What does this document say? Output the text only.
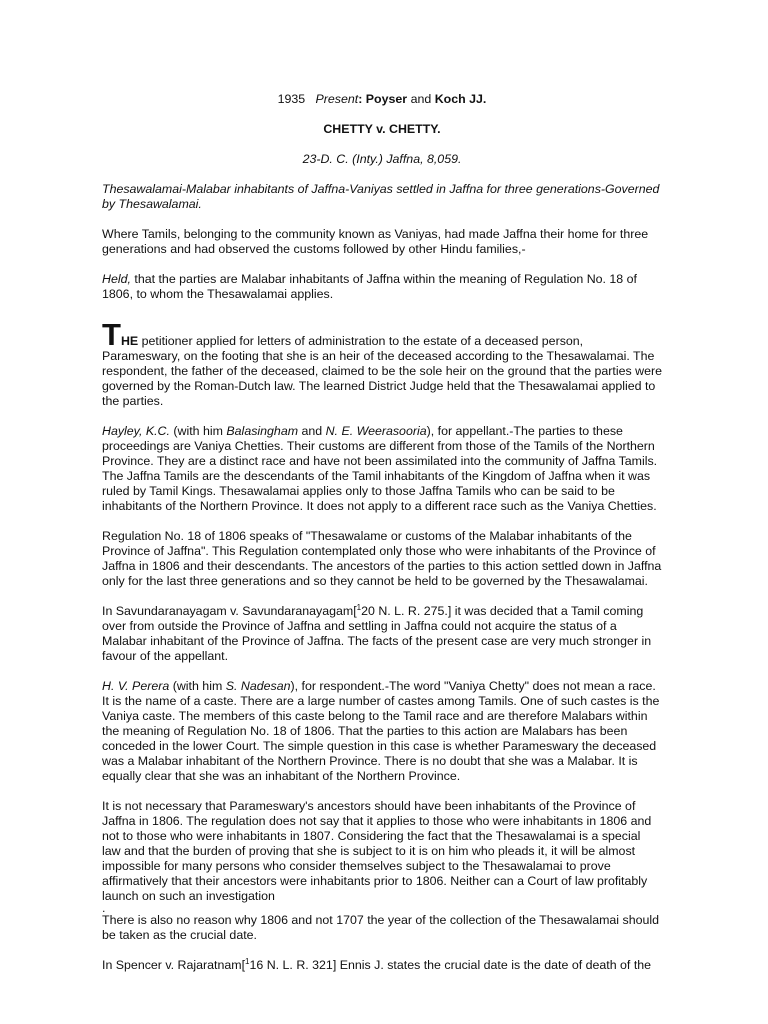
1935 Present: Poyser and Koch JJ.
CHETTY v. CHETTY.
23-D. C. (Inty.) Jaffna, 8,059.

Thesawalamai-Malabar inhabitants of Jaffna-Vaniyas settled in Jaffna for three generations-Governed by Thesawalamai.

Where Tamils, belonging to the community known as Vaniyas, had made Jaffna their home for three generations and had observed the customs followed by other Hindu families,-

Held, that the parties are Malabar inhabitants of Jaffna within the meaning of Regulation No. 18 of 1806, to whom the Thesawalamai applies.

THE petitioner applied for letters of administration to the estate of a deceased person, Parameswary, on the footing that she is an heir of the deceased according to the Thesawalamai. The respondent, the father of the deceased, claimed to be the sole heir on the ground that the parties were governed by the Roman-Dutch law. The learned District Judge held that the Thesawalamai applied to the parties.

Hayley, K.C. (with him Balasingham and N. E. Weerasooria), for appellant.-The parties to these proceedings are Vaniya Chetties. Their customs are different from those of the Tamils of the Northern Province. They are a distinct race and have not been assimilated into the community of Jaffna Tamils. The Jaffna Tamils are the descendants of the Tamil inhabitants of the Kingdom of Jaffna when it was ruled by Tamil Kings. Thesawalamai applies only to those Jaffna Tamils who can be said to be inhabitants of the Northern Province. It does not apply to a different race such as the Vaniya Chetties.

Regulation No. 18 of 1806 speaks of "Thesawalame or customs of the Malabar inhabitants of the Province of Jaffna". This Regulation contemplated only those who were inhabitants of the Province of Jaffna in 1806 and their descendants. The ancestors of the parties to this action settled down in Jaffna only for the last three generations and so they cannot be held to be governed by the Thesawalamai.

In Savundaranayagam v. Savundaranayagam[$^1$20 N. L. R. 275.] it was decided that a Tamil coming over from outside the Province of Jaffna and settling in Jaffna could not acquire the status of a Malabar inhabitant of the Province of Jaffna. The facts of the present case are very much stronger in favour of the appellant.

H. V. Perera (with him S. Nadesan), for respondent.-The word "Vaniya Chetty" does not mean a race. It is the name of a caste. There are a large number of castes among Tamils. One of such castes is the Vaniya caste. The members of this caste belong to the Tamil race and are therefore Malabars within the meaning of Regulation No. 18 of 1806. That the parties to this action are Malabars has been conceded in the lower Court. The simple question in this case is whether Parameswary the deceased was a Malabar inhabitant of the Northern Province. There is no doubt that she was a Malabar. It is equally clear that she was an inhabitant of the Northern Province.

It is not necessary that Parameswary's ancestors should have been inhabitants of the Province of Jaffna in 1806. The regulation does not say that it applies to those who were inhabitants in 1806 and not to those who were inhabitants in 1807. Considering the fact that the Thesawalamai is a special law and that the burden of proving that she is subject to it is on him who pleads it, it will be almost impossible for many persons who consider themselves subject to the Thesawalamai to prove affirmatively that their ancestors were inhabitants prior to 1806. Neither can a Court of law profitably launch on such an investigation

.

There is also no reason why 1806 and not 1707 the year of the collection of the Thesawalamai should be taken as the crucial date.

In Spencer v. Rajaratnam[$^1$16 N. L. R. 321] Ennis J. states the crucial date is the date of death of the
